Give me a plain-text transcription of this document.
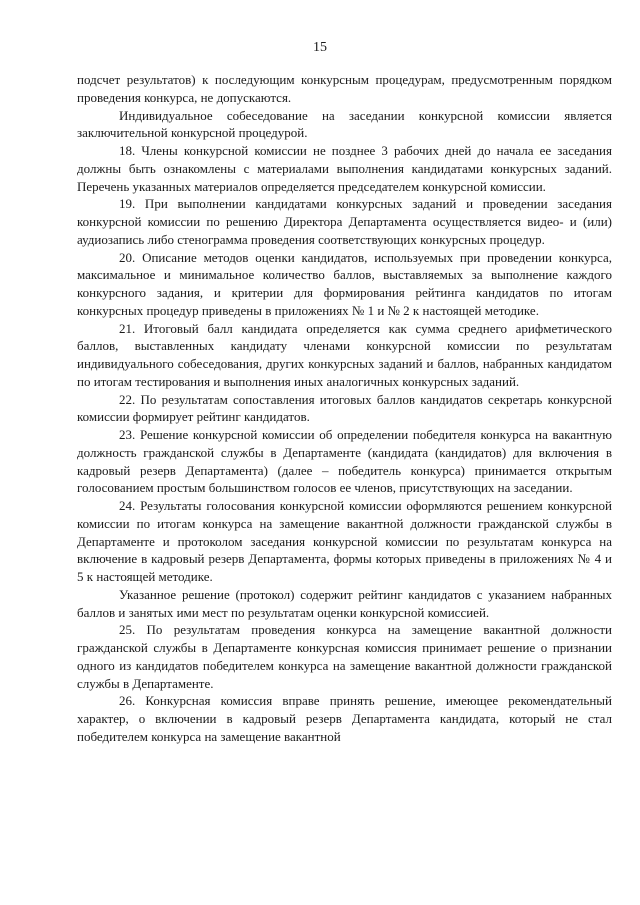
15

подсчет результатов) к последующим конкурсным процедурам, предусмотренным порядком проведения конкурса, не допускаются.

Индивидуальное собеседование на заседании конкурсной комиссии является заключительной конкурсной процедурой.

18. Члены конкурсной комиссии не позднее 3 рабочих дней до начала ее заседания должны быть ознакомлены с материалами выполнения кандидатами конкурсных заданий. Перечень указанных материалов определяется председателем конкурсной комиссии.

19. При выполнении кандидатами конкурсных заданий и проведении заседания конкурсной комиссии по решению Директора Департамента осуществляется видео- и (или) аудиозапись либо стенограмма проведения соответствующих конкурсных процедур.

20. Описание методов оценки кандидатов, используемых при проведении конкурса, максимальное и минимальное количество баллов, выставляемых за выполнение каждого конкурсного задания, и критерии для формирования рейтинга кандидатов по итогам конкурсных процедур приведены в приложениях № 1 и № 2 к настоящей методике.

21. Итоговый балл кандидата определяется как сумма среднего арифметического баллов, выставленных кандидату членами конкурсной комиссии по результатам индивидуального собеседования, других конкурсных заданий и баллов, набранных кандидатом по итогам тестирования и выполнения иных аналогичных конкурсных заданий.

22. По результатам сопоставления итоговых баллов кандидатов секретарь конкурсной комиссии формирует рейтинг кандидатов.

23. Решение конкурсной комиссии об определении победителя конкурса на вакантную должность гражданской службы в Департаменте (кандидата (кандидатов) для включения в кадровый резерв Департамента) (далее – победитель конкурса) принимается открытым голосованием простым большинством голосов ее членов, присутствующих на заседании.

24. Результаты голосования конкурсной комиссии оформляются решением конкурсной комиссии по итогам конкурса на замещение вакантной должности гражданской службы в Департаменте и протоколом заседания конкурсной комиссии по результатам конкурса на включение в кадровый резерв Департамента, формы которых приведены в приложениях № 4 и 5 к настоящей методике.

Указанное решение (протокол) содержит рейтинг кандидатов с указанием набранных баллов и занятых ими мест по результатам оценки конкурсной комиссией.

25. По результатам проведения конкурса на замещение вакантной должности гражданской службы в Департаменте конкурсная комиссия принимает решение о признании одного из кандидатов победителем конкурса на замещение вакантной должности гражданской службы в Департаменте.

26. Конкурсная комиссия вправе принять решение, имеющее рекомендательный характер, о включении в кадровый резерв Департамента кандидата, который не стал победителем конкурса на замещение вакантной
